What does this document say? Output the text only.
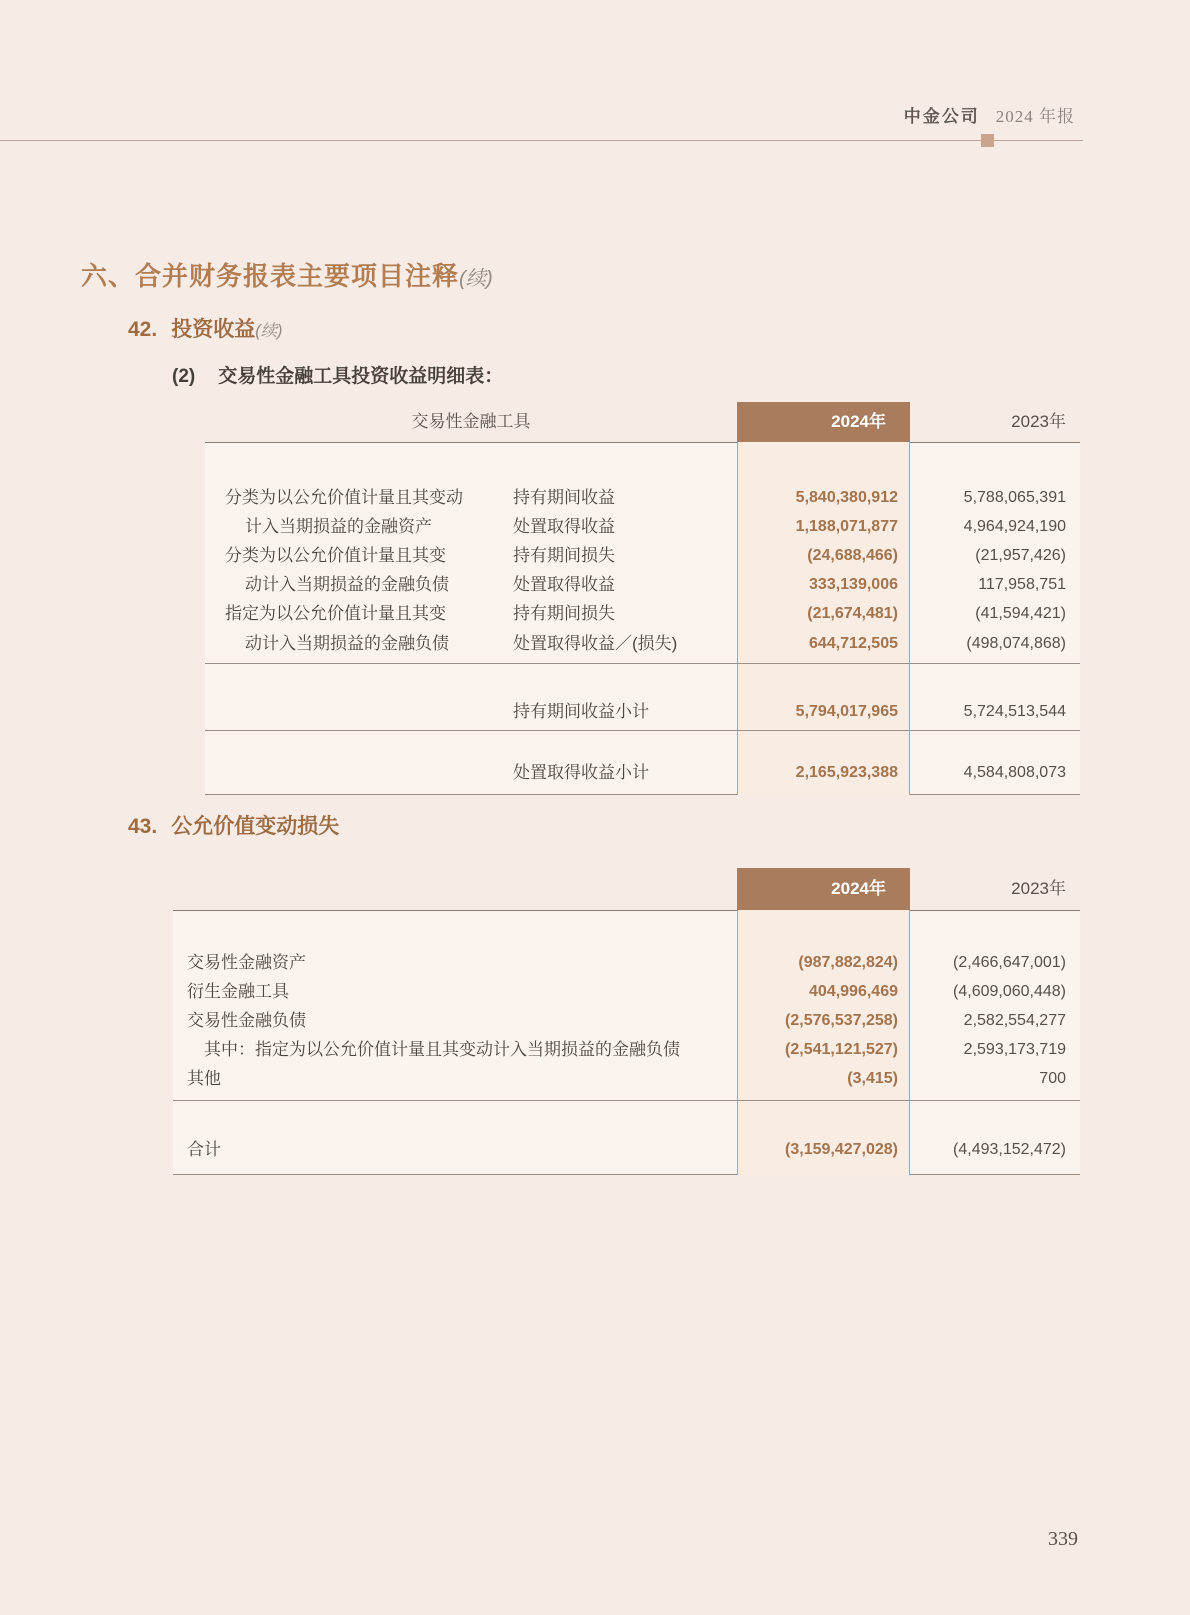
中金公司 2024 年报
六、合并财务报表主要项目注释(续)
42. 投资收益(续)
(2) 交易性金融工具投资收益明细表：
交易性金融工具	2024年	2023年
分类为以公允价值计量且其变动	持有期间收益	5,840,380,912	5,788,065,391
计入当期损益的金融资产	处置取得收益	1,188,071,877	4,964,924,190
分类为以公允价值计量且其变	持有期间损失	(24,688,466)	(21,957,426)
动计入当期损益的金融负债	处置取得收益	333,139,006	117,958,751
指定为以公允价值计量且其变	持有期间损失	(21,674,481)	(41,594,421)
动计入当期损益的金融负债	处置取得收益／(损失)	644,712,505	(498,074,868)
持有期间收益小计	5,794,017,965	5,724,513,544
处置取得收益小计	2,165,923,388	4,584,808,073
43. 公允价值变动损失
2024年	2023年
交易性金融资产	(987,882,824)	(2,466,647,001)
衍生金融工具	404,996,469	(4,609,060,448)
交易性金融负债	(2,576,537,258)	2,582,554,277
其中：指定为以公允价值计量且其变动计入当期损益的金融负债	(2,541,121,527)	2,593,173,719
其他	(3,415)	700
合计	(3,159,427,028)	(4,493,152,472)
339
